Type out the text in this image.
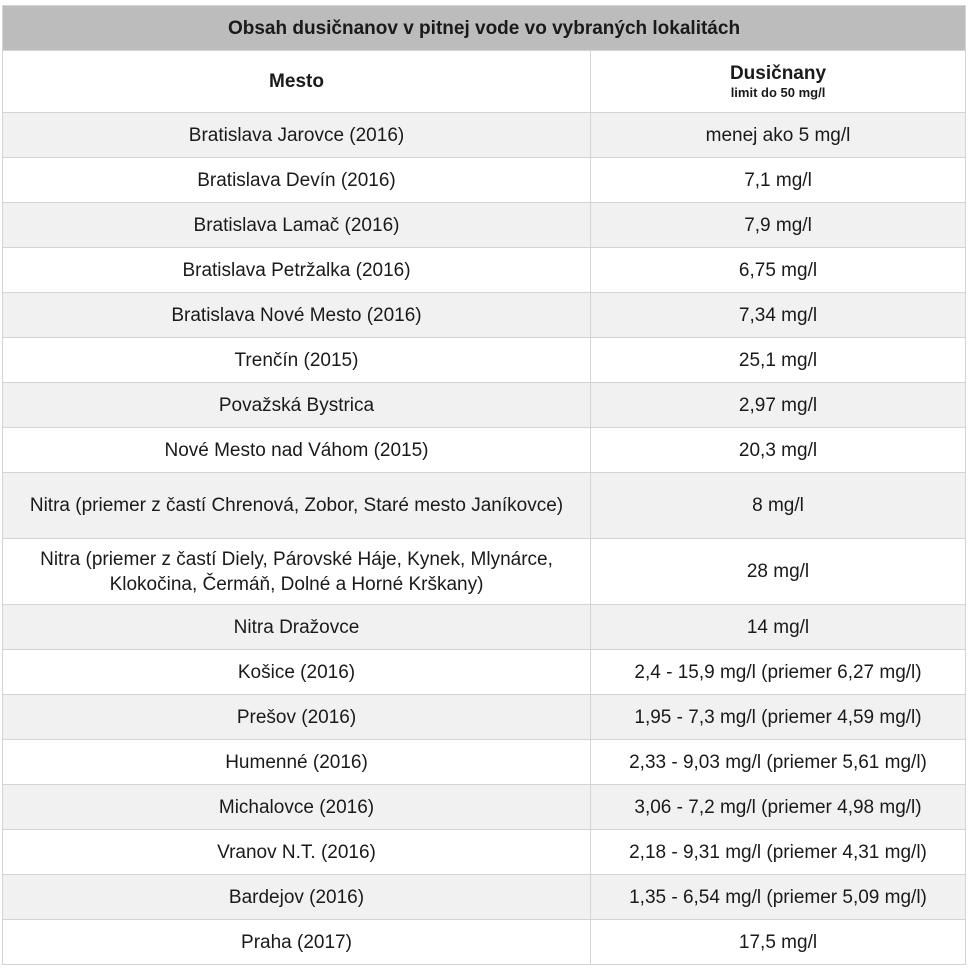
Obsah dusičnanov v pitnej vode vo vybraných lokalitách	
Mesto	Dusičnany
limit do 50 mg/l

Bratislava Jarovce (2016)	menej ako 5 mg/l
Bratislava Devín (2016)	7,1 mg/l
Bratislava Lamač (2016)	7,9 mg/l
Bratislava Petržalka (2016)	6,75 mg/l
Bratislava Nové Mesto (2016)	7,34 mg/l
Trenčín (2015)	25,1 mg/l
Považská Bystrica	2,97 mg/l
Nové Mesto nad Váhom (2015)	20,3 mg/l
Nitra (priemer z častí Chrenová, Zobor, Staré mesto Janíkovce)	8 mg/l
Nitra (priemer z častí Diely, Párovské Háje, Kynek, Mlynárce, Klokočina, Čermáň, Dolné a Horné Krškany)	28 mg/l
Nitra Dražovce	14 mg/l
Košice (2016)	2,4 - 15,9 mg/l (priemer 6,27 mg/l)
Prešov (2016)	1,95 - 7,3 mg/l (priemer 4,59 mg/l)
Humenné (2016)	2,33 - 9,03 mg/l (priemer 5,61 mg/l)
Michalovce (2016)	3,06 - 7,2 mg/l (priemer 4,98 mg/l)
Vranov N.T. (2016)	2,18 - 9,31 mg/l (priemer 4,31 mg/l)
Bardejov (2016)	1,35 - 6,54 mg/l (priemer 5,09 mg/l)
Praha (2017)	17,5 mg/l
